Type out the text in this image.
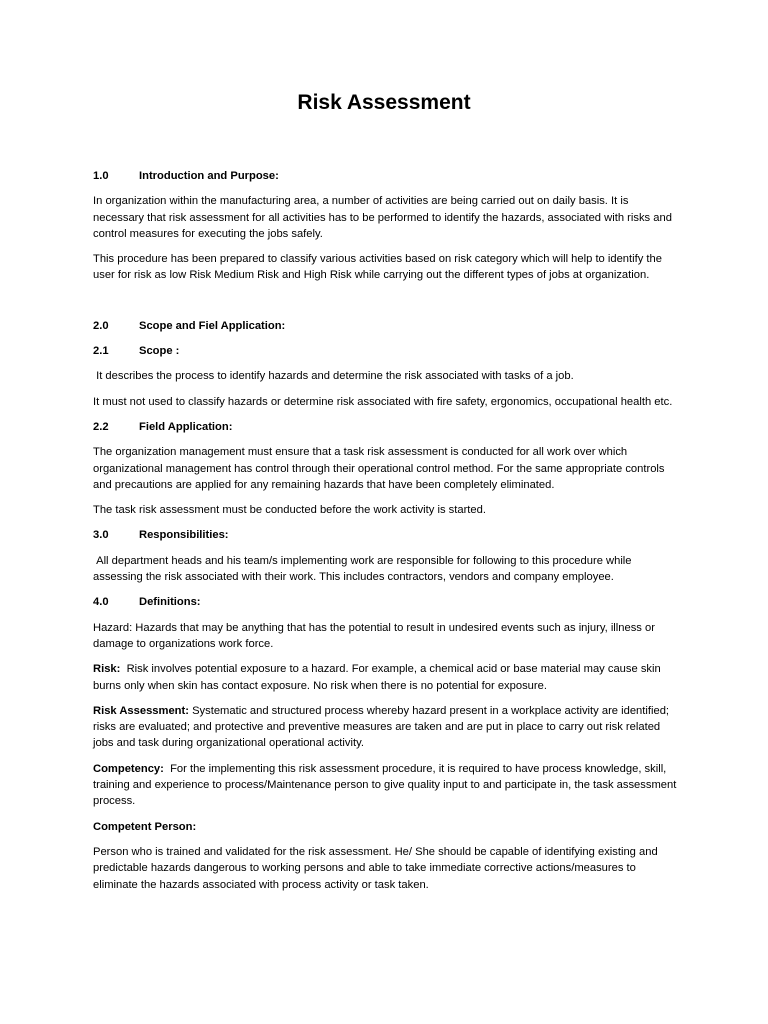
Risk Assessment
1.0	Introduction and Purpose:

In organization within the manufacturing area, a number of activities are being carried out on daily basis. It is necessary that risk assessment for all activities has to be performed to identify the hazards, associated with risks and control measures for executing the jobs safely.

This procedure has been prepared to classify various activities based on risk category which will help to identify the user for risk as low Risk Medium Risk and High Risk while carrying out the different types of jobs at organization.

2.0	Scope and Fiel Application:
2.1	Scope :

It describes the process to identify hazards and determine the risk associated with tasks of a job.

It must not used to classify hazards or determine risk associated with fire safety, ergonomics, occupational health etc.

2.2	Field Application:

The organization management must ensure that a task risk assessment is conducted for all work over which organizational management has control through their operational control method. For the same appropriate controls and precautions are applied for any remaining hazards that have been completely eliminated.

The task risk assessment must be conducted before the work activity is started.

3.0	Responsibilities:

All department heads and his team/s implementing work are responsible for following to this procedure while assessing the risk associated with their work. This includes contractors, vendors and company employee.

4.0	Definitions:

Hazard: Hazards that may be anything that has the potential to result in undesired events such as injury, illness or damage to organizations work force.

Risk:  Risk involves potential exposure to a hazard. For example, a chemical acid or base material may cause skin burns only when skin has contact exposure. No risk when there is no potential for exposure.

Risk Assessment: Systematic and structured process whereby hazard present in a workplace activity are identified; risks are evaluated; and protective and preventive measures are taken and are put in place to carry out risk related jobs and task during organizational operational activity.

Competency:  For the implementing this risk assessment procedure, it is required to have process knowledge, skill, training and experience to process/Maintenance person to give quality input to and participate in, the task assessment process.

Competent Person:

Person who is trained and validated for the risk assessment. He/ She should be capable of identifying existing and predictable hazards dangerous to working persons and able to take immediate corrective actions/measures to eliminate the hazards associated with process activity or task taken.
